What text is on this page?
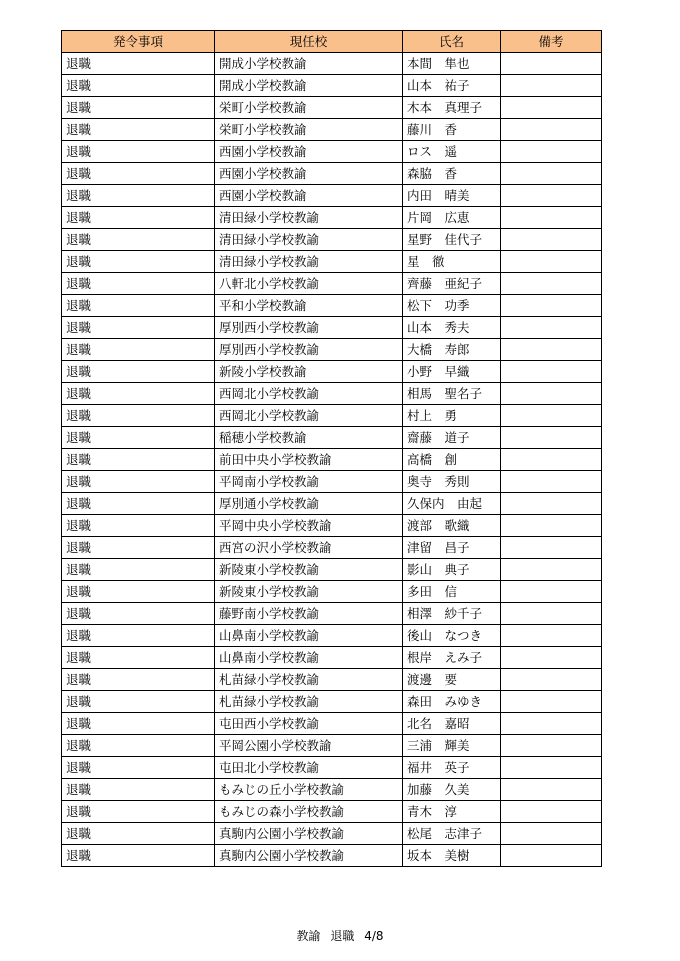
発令事項	現任校	氏名	備考
退職	開成小学校教諭	本間　隼也	
退職	開成小学校教諭	山本　祐子	
退職	栄町小学校教諭	木本　真理子	
退職	栄町小学校教諭	藤川　香	
退職	西園小学校教諭	ロス　遥	
退職	西園小学校教諭	森脇　香	
退職	西園小学校教諭	内田　晴美	
退職	清田緑小学校教諭	片岡　広恵	
退職	清田緑小学校教諭	星野　佳代子	
退職	清田緑小学校教諭	星　徹	
退職	八軒北小学校教諭	齊藤　亜紀子	
退職	平和小学校教諭	松下　功季	
退職	厚別西小学校教諭	山本　秀夫	
退職	厚別西小学校教諭	大橋　寿郎	
退職	新陵小学校教諭	小野　早織	
退職	西岡北小学校教諭	相馬　聖名子	
退職	西岡北小学校教諭	村上　勇	
退職	稲穂小学校教諭	齋藤　道子	
退職	前田中央小学校教諭	高橋　創	
退職	平岡南小学校教諭	奥寺　秀則	
退職	厚別通小学校教諭	久保内　由起	
退職	平岡中央小学校教諭	渡部　歌織	
退職	西宮の沢小学校教諭	津留　昌子	
退職	新陵東小学校教諭	影山　典子	
退職	新陵東小学校教諭	多田　信	
退職	藤野南小学校教諭	相澤　紗千子	
退職	山鼻南小学校教諭	後山　なつき	
退職	山鼻南小学校教諭	根岸　えみ子	
退職	札苗緑小学校教諭	渡邊　要	
退職	札苗緑小学校教諭	森田　みゆき	
退職	屯田西小学校教諭	北名　嘉昭	
退職	平岡公園小学校教諭	三浦　輝美	
退職	屯田北小学校教諭	福井　英子	
退職	もみじの丘小学校教諭	加藤　久美	
退職	もみじの森小学校教諭	青木　淳	
退職	真駒内公園小学校教諭	松尾　志津子	
退職	真駒内公園小学校教諭	坂本　美樹	
教諭 退職 4/8
